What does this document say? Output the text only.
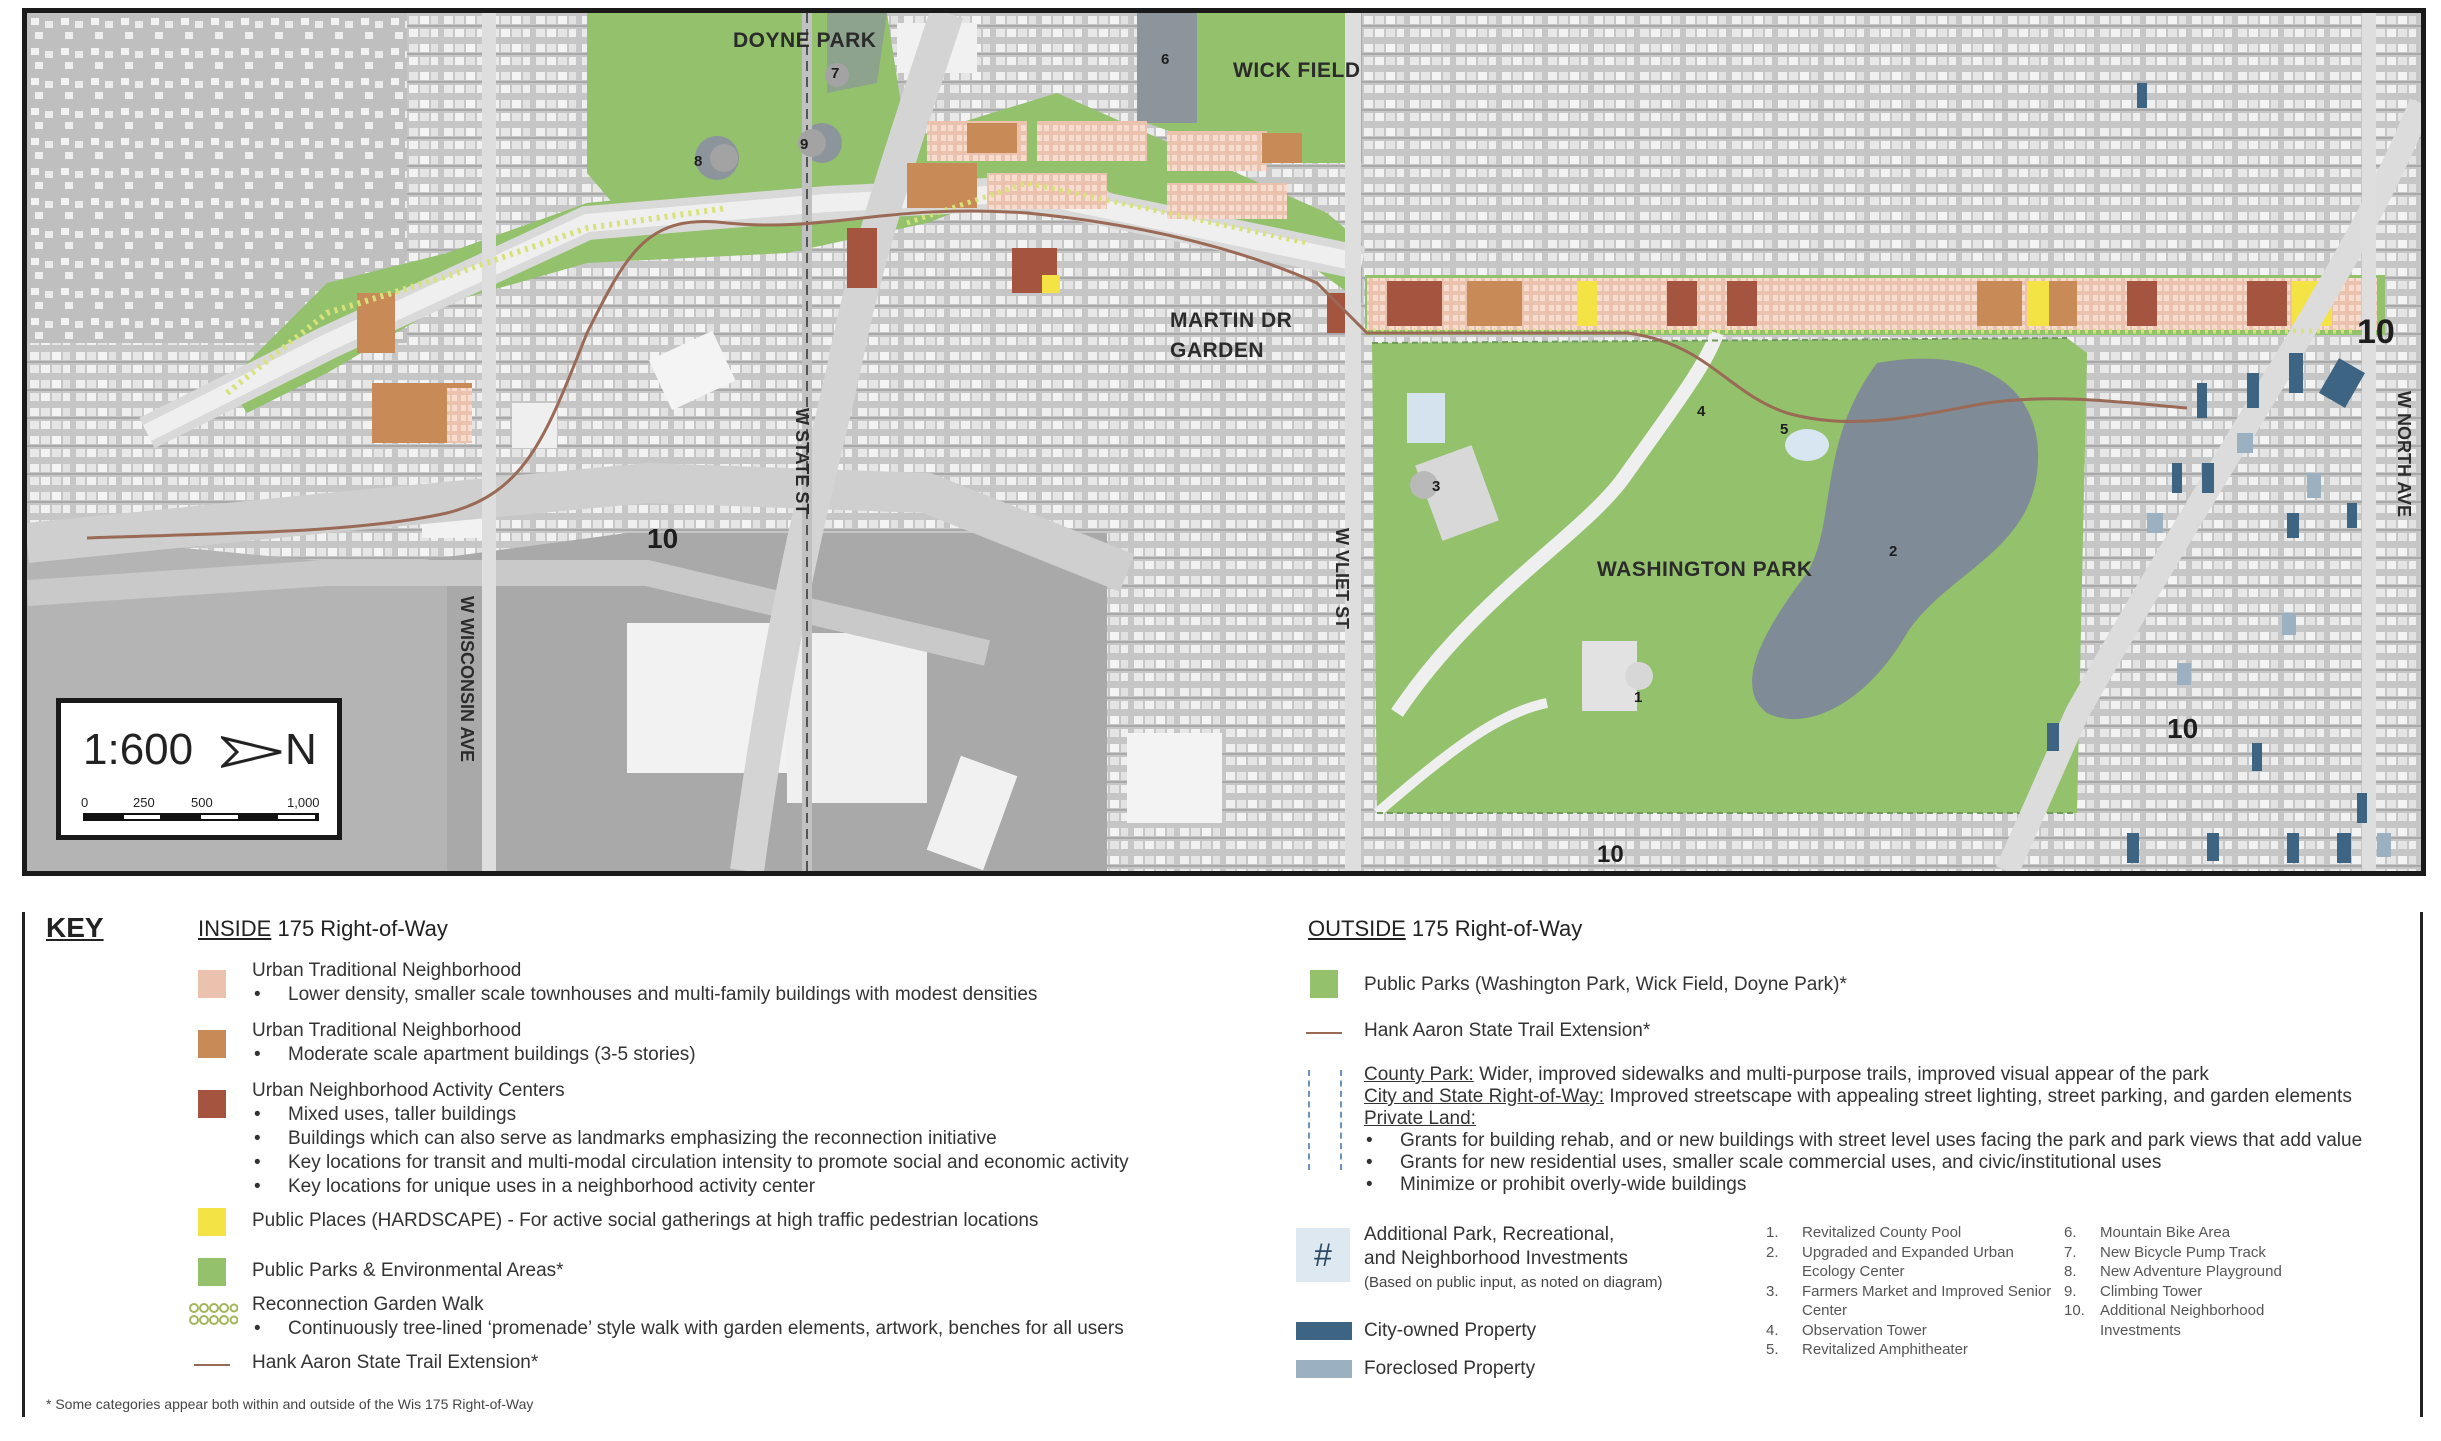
DOYNE PARK
WICK FIELD
MARTIN DR
GARDEN
WASHINGTON PARK
W STATE ST
W WISCONSIN AVE
W VLIET ST
W NORTH AVE
10
10
10
10
1
2
3
4
5
6
7
8
9
1:600	N
0	250	500	1,000
KEY	INSIDE 175 Right-of-Way
Urban Traditional Neighborhood
• Lower density, smaller scale townhouses and multi-family buildings with modest densities
Urban Traditional Neighborhood
• Moderate scale apartment buildings (3-5 stories)
Urban Neighborhood Activity Centers
• Mixed uses, taller buildings
• Buildings which can also serve as landmarks emphasizing the reconnection initiative
• Key locations for transit and multi-modal circulation intensity to promote social and economic activity
• Key locations for unique uses in a neighborhood activity center
Public Places (HARDSCAPE) - For active social gatherings at high traffic pedestrian locations
Public Parks & Environmental Areas*
Reconnection Garden Walk
• Continuously tree-lined ‘promenade’ style walk with garden elements, artwork, benches for all users
Hank Aaron State Trail Extension*
* Some categories appear both within and outside of the Wis 175 Right-of-Way
OUTSIDE 175 Right-of-Way
Public Parks (Washington Park, Wick Field, Doyne Park)*
Hank Aaron State Trail Extension*
County Park: Wider, improved sidewalks and multi-purpose trails, improved visual appear of the park
City and State Right-of-Way: Improved streetscape with appealing street lighting, street parking, and garden elements
Private Land:
• Grants for building rehab, and or new buildings with street level uses facing the park and park views that add value
• Grants for new residential uses, smaller scale commercial uses, and civic/institutional uses
• Minimize or prohibit overly-wide buildings
#
Additional Park, Recreational,
and Neighborhood Investments
(Based on public input, as noted on diagram)
1. Revitalized County Pool
2. Upgraded and Expanded Urban
Ecology Center
3. Farmers Market and Improved Senior
Center
4. Observation Tower
5. Revitalized Amphitheater
6. Mountain Bike Area
7. New Bicycle Pump Track
8. New Adventure Playground
9. Climbing Tower
10. Additional Neighborhood
Investments
City-owned Property
Foreclosed Property
